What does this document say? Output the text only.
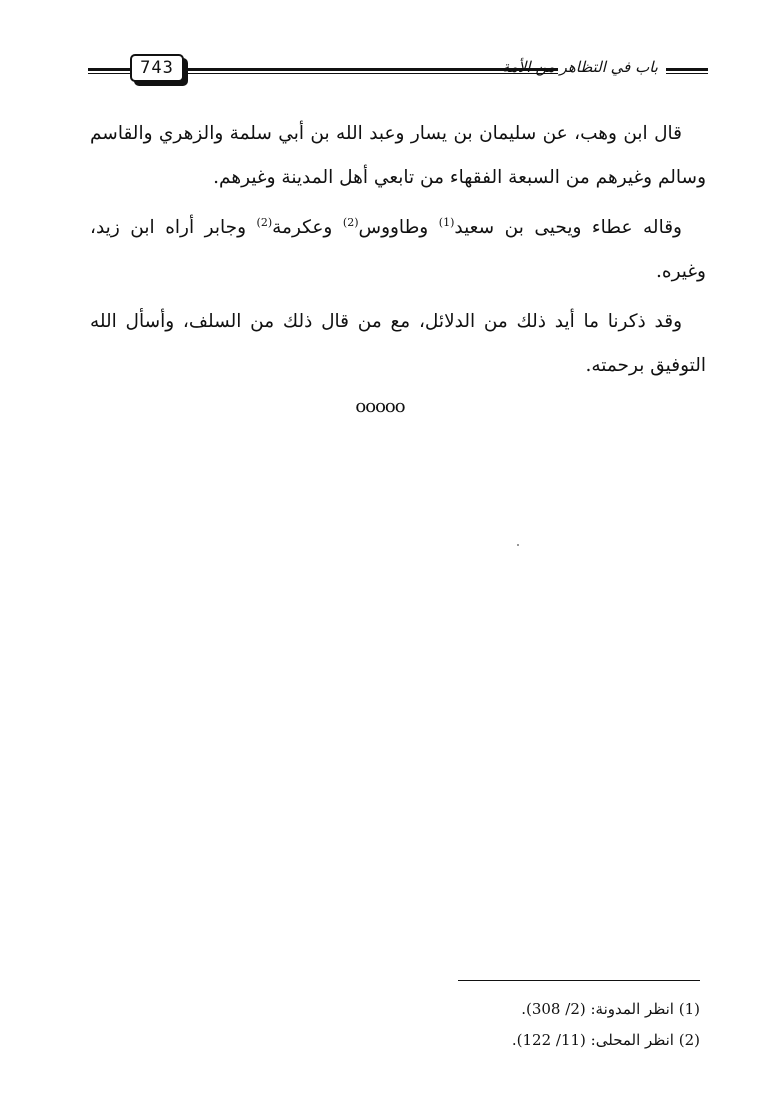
743	باب في التظاهر من الأمة

قال ابن وهب، عن سليمان بن يسار وعبد الله بن أبي سلمة والزهري والقاسم وسالم وغيرهم من السبعة الفقهاء من تابعي أهل المدينة وغيرهم.

وقاله عطاء ويحيى بن سعيد$^{(1)}$ وطاووس$^{(2)}$ وعكرمة$^{(2)}$ وجابر أراه ابن زيد، وغيره.

وقد ذكرنا ما أيد ذلك من الدلائل، مع من قال ذلك من السلف، وأسأل الله التوفيق برحمته.

ooooo
(1) انظر المدونة: (2/ 308).
(2) انظر المحلى: (11/ 122).
